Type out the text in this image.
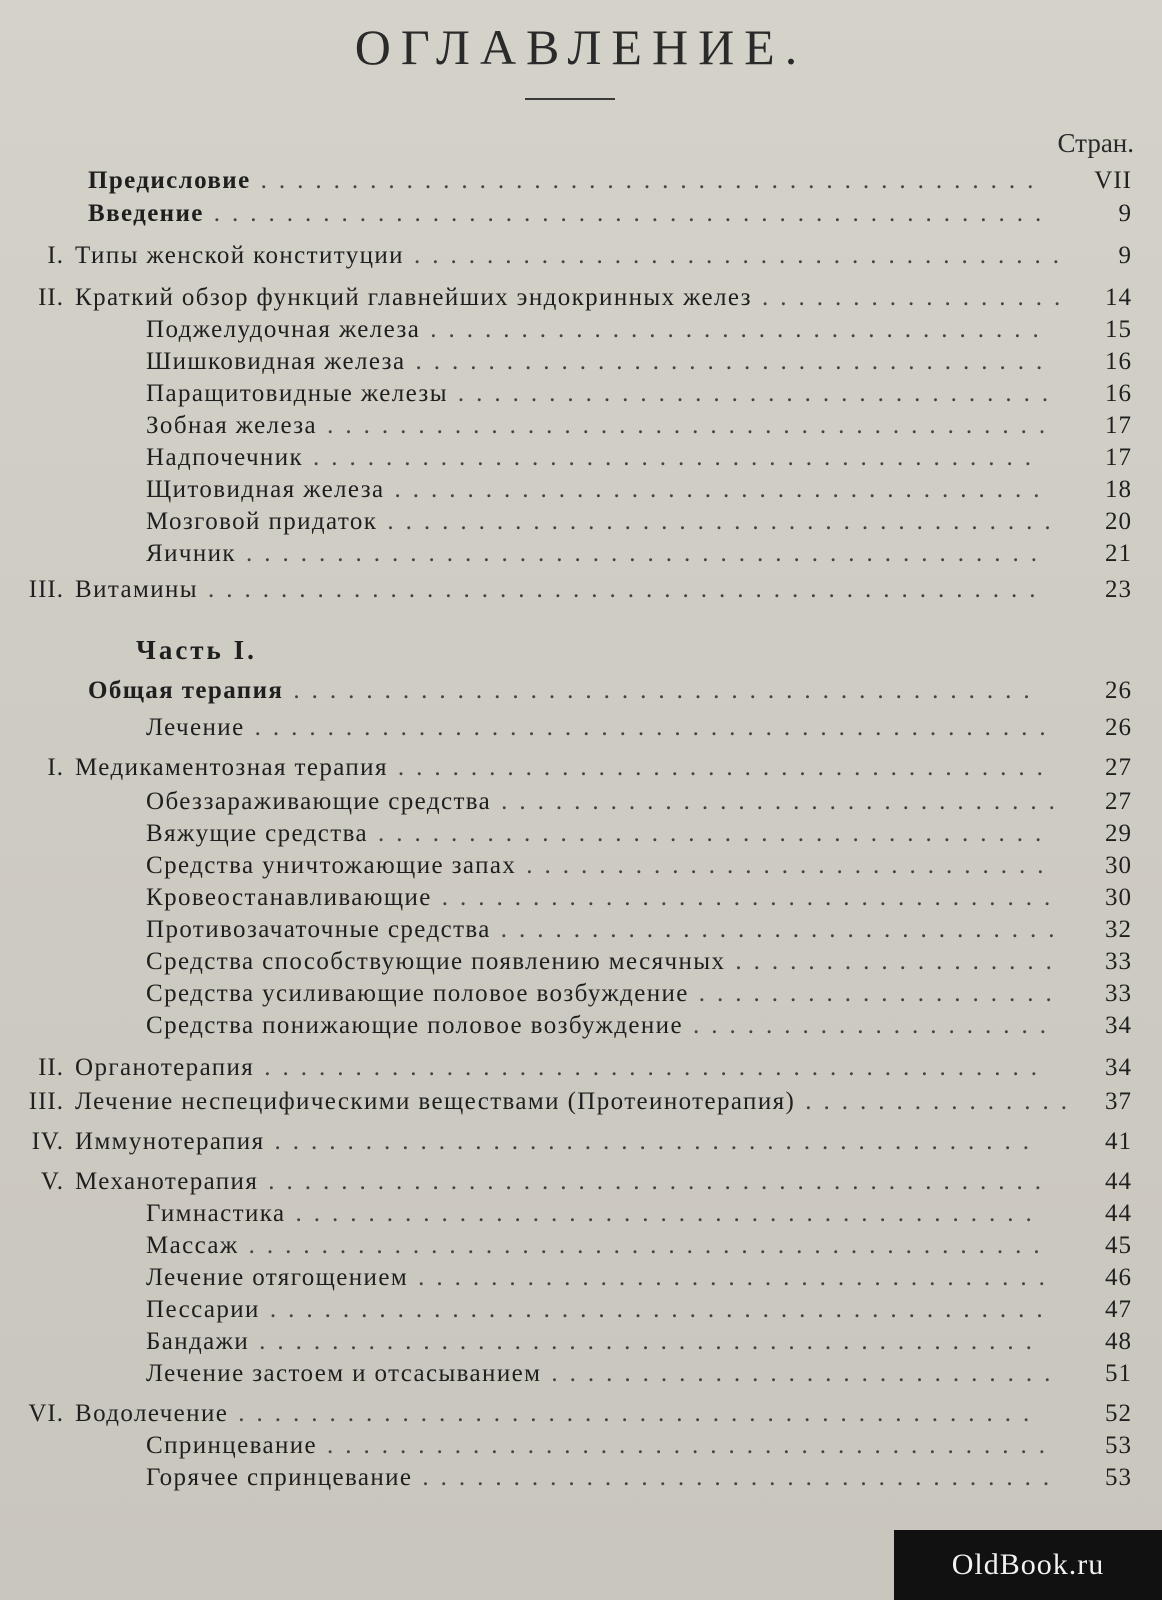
ОГЛАВЛЕНИЕ.
Стран.
Предисловие	VII
...........................................
Введение	9
..............................................
I. Типы женской конституции	9
....................................
II. Краткий обзор функций главнейших эндокринных желез	14
.................
Поджелудочная железа	15
..................................
Шишковидная железа	16
...................................
Паращитовидные железы	16
.................................
Зобная железа	17
........................................
Надпочечник	17
........................................
Щитовидная железа	18
....................................
Мозговой придаток	20
.....................................
Яичник	21
............................................
III. Витамины	23
..............................................
Часть I.
Общая терапия	26
.........................................
Лечение	26
............................................
I. Медикаментозная терапия	27
....................................
Обеззараживающие средства	27
...............................
Вяжущие средства	29
.....................................
Средства уничтожающие запах	30
.............................
Кровеостанавливающие	30
..................................
Противозачаточные средства	32
...............................
Средства способствующие появлению месячных	33
..................
Средства усиливающие половое возбуждение	33
....................
Средства понижающие половое возбуждение	34
....................
II. Органотерапия	34
...........................................
III. Лечение неспецифическими веществами (Протеинотерапия)	37
...............
IV. Иммунотерапия	41
..........................................
V. Механотерапия	44
...........................................
Гимнастика	44
.........................................
Массаж	45
............................................
Лечение отягощением	46
...................................
Пессарии	47
...........................................
Бандажи	48
...........................................
Лечение застоем и отсасыванием	51
............................
VI. Водолечение	52
............................................
Спринцевание	53
........................................
Горячее спринцевание	53
...................................
OldBook.ru
